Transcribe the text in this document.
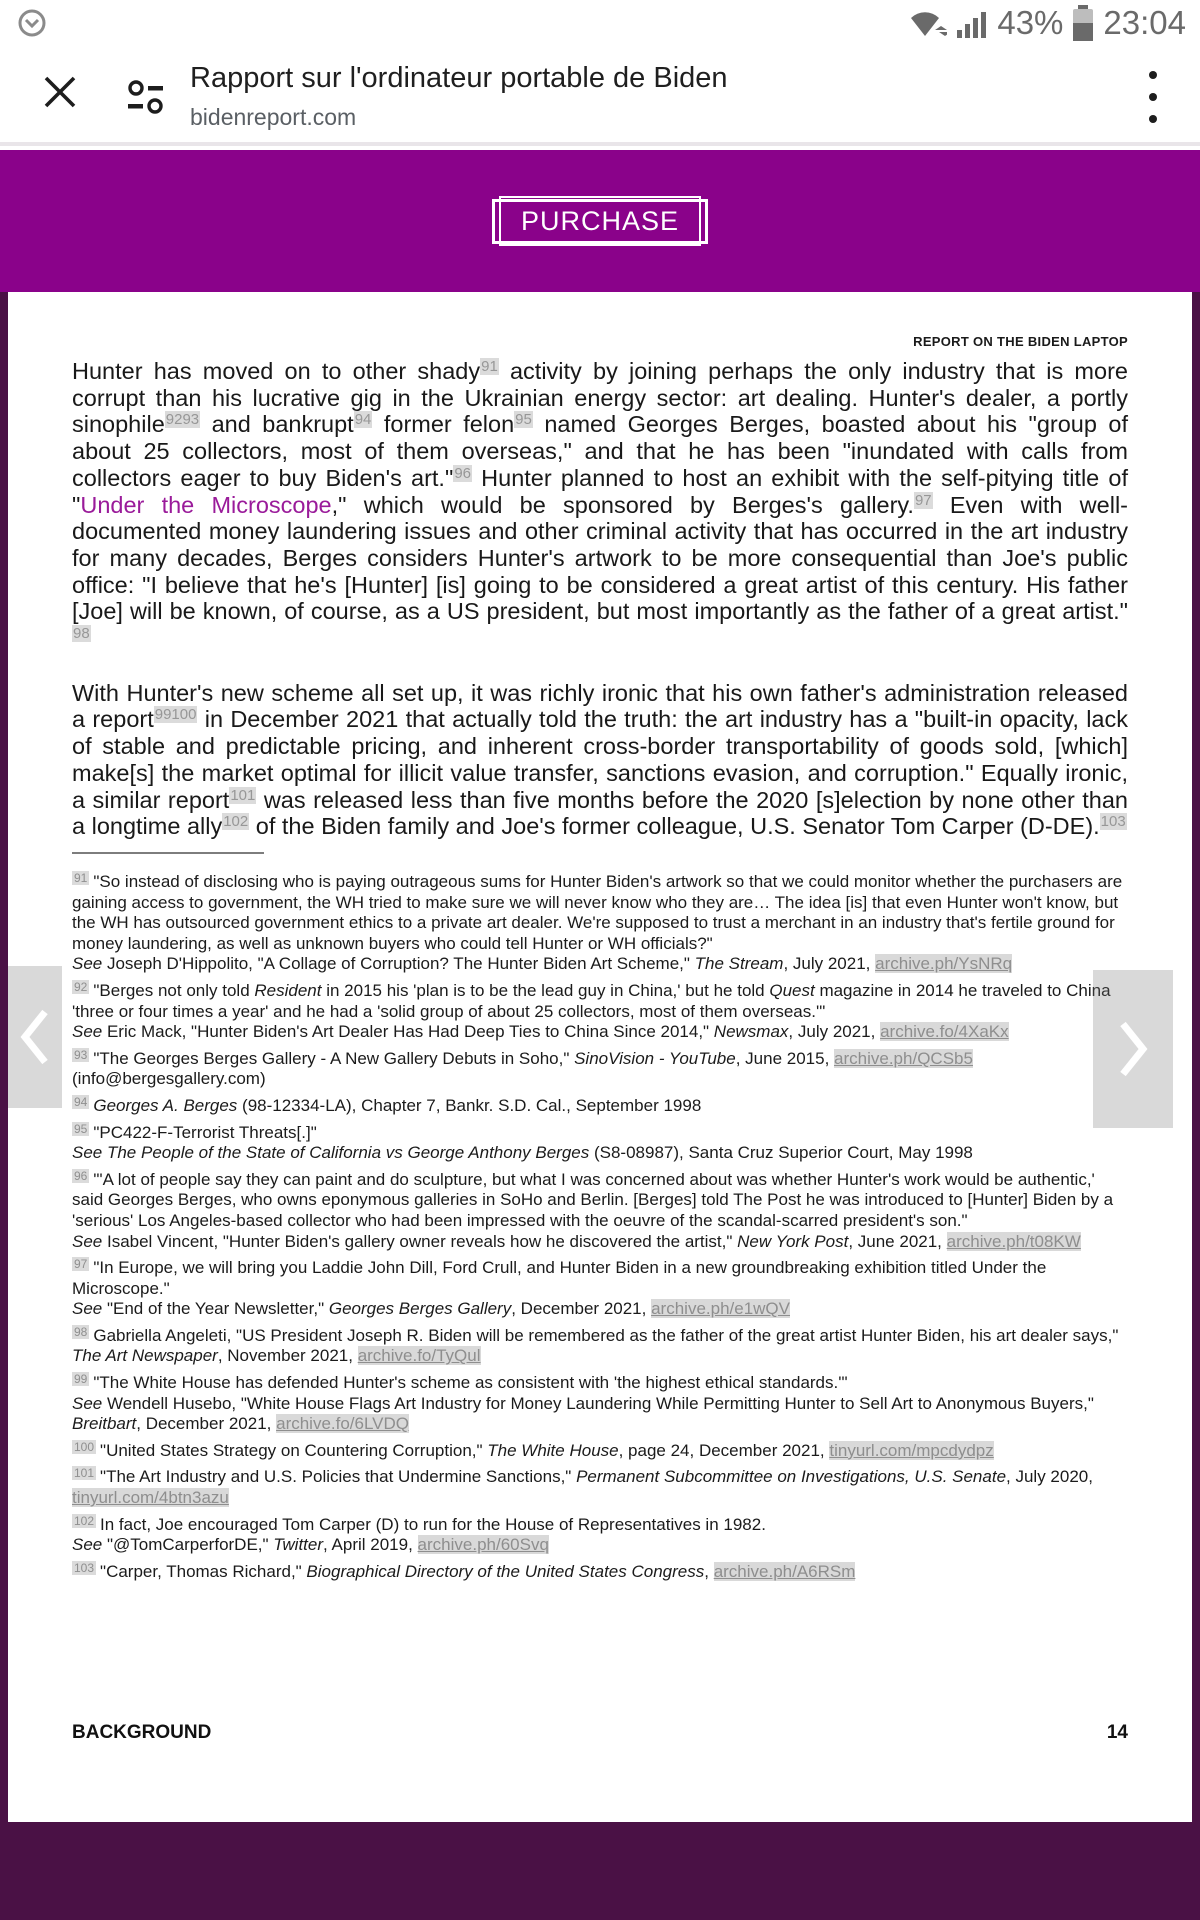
43% 23:04
Rapport sur l'ordinateur portable de Biden
bidenreport.com
PURCHASE
REPORT ON THE BIDEN LAPTOP

Hunter has moved on to other shady91 activity by joining perhaps the only industry that is more corrupt than his lucrative gig in the Ukrainian energy sector: art dealing. Hunter's dealer, a portly sinophile9293 and bankrupt94 former felon95 named Georges Berges, boasted about his "group of about 25 collectors, most of them overseas," and that he has been "inundated with calls from collectors eager to buy Biden's art."96 Hunter planned to host an exhibit with the self-pitying title of "Under the Microscope," which would be sponsored by Berges's gallery.97 Even with well-documented money laundering issues and other criminal activity that has occurred in the art industry for many decades, Berges considers Hunter's artwork to be more consequential than Joe's public office: "I believe that he's [Hunter] [is] going to be considered a great artist of this century. His father [Joe] will be known, of course, as a US president, but most importantly as the father of a great artist."98

With Hunter's new scheme all set up, it was richly ironic that his own father's administration released a report99100 in December 2021 that actually told the truth: the art industry has a "built-in opacity, lack of stable and predictable pricing, and inherent cross-border transportability of goods sold, [which] make[s] the market optimal for illicit value transfer, sanctions evasion, and corruption." Equally ironic, a similar report101 was released less than five months before the 2020 [s]election by none other than a longtime ally102 of the Biden family and Joe's former colleague, U.S. Senator Tom Carper (D-DE).103

91 "So instead of disclosing who is paying outrageous sums for Hunter Biden's artwork so that we could monitor whether the purchasers are gaining access to government, the WH tried to make sure we will never know who they are… The idea [is] that even Hunter won't know, but the WH has outsourced government ethics to a private art dealer. We're supposed to trust a merchant in an industry that's fertile ground for money laundering, as well as unknown buyers who could tell Hunter or WH officials?"
See Joseph D'Hippolito, "A Collage of Corruption? The Hunter Biden Art Scheme," The Stream, July 2021, archive.ph/YsNRq
92 "Berges not only told Resident in 2015 his 'plan is to be the lead guy in China,' but he told Quest magazine in 2014 he traveled to China 'three or four times a year' and he had a 'solid group of about 25 collectors, most of them overseas.'"
See Eric Mack, "Hunter Biden's Art Dealer Has Had Deep Ties to China Since 2014," Newsmax, July 2021, archive.fo/4XaKx
93 "The Georges Berges Gallery - A New Gallery Debuts in Soho," SinoVision - YouTube, June 2015, archive.ph/QCSb5 (info@bergesgallery.com)
94 Georges A. Berges (98-12334-LA), Chapter 7, Bankr. S.D. Cal., September 1998
95 "PC422-F-Terrorist Threats[.]"
See The People of the State of California vs George Anthony Berges (S8-08987), Santa Cruz Superior Court, May 1998
96 "'A lot of people say they can paint and do sculpture, but what I was concerned about was whether Hunter's work would be authentic,' said Georges Berges, who owns eponymous galleries in SoHo and Berlin. [Berges] told The Post he was introduced to [Hunter] Biden by a 'serious' Los Angeles-based collector who had been impressed with the oeuvre of the scandal-scarred president's son."
See Isabel Vincent, "Hunter Biden's gallery owner reveals how he discovered the artist," New York Post, June 2021, archive.ph/t08KW
97 "In Europe, we will bring you Laddie John Dill, Ford Crull, and Hunter Biden in a new groundbreaking exhibition titled Under the Microscope."
See "End of the Year Newsletter," Georges Berges Gallery, December 2021, archive.ph/e1wQV
98 Gabriella Angeleti, "US President Joseph R. Biden will be remembered as the father of the great artist Hunter Biden, his art dealer says," The Art Newspaper, November 2021, archive.fo/TyQul
99 "The White House has defended Hunter's scheme as consistent with 'the highest ethical standards.'"
See Wendell Husebo, "White House Flags Art Industry for Money Laundering While Permitting Hunter to Sell Art to Anonymous Buyers," Breitbart, December 2021, archive.fo/6LVDQ
100 "United States Strategy on Countering Corruption," The White House, page 24, December 2021, tinyurl.com/mpcdydpz
101 "The Art Industry and U.S. Policies that Undermine Sanctions," Permanent Subcommittee on Investigations, U.S. Senate, July 2020, tinyurl.com/4btn3azu
102 In fact, Joe encouraged Tom Carper (D) to run for the House of Representatives in 1982.
See "@TomCarperforDE," Twitter, April 2019, archive.ph/60Svq
103 "Carper, Thomas Richard," Biographical Directory of the United States Congress, archive.ph/A6RSm
BACKGROUND	14
